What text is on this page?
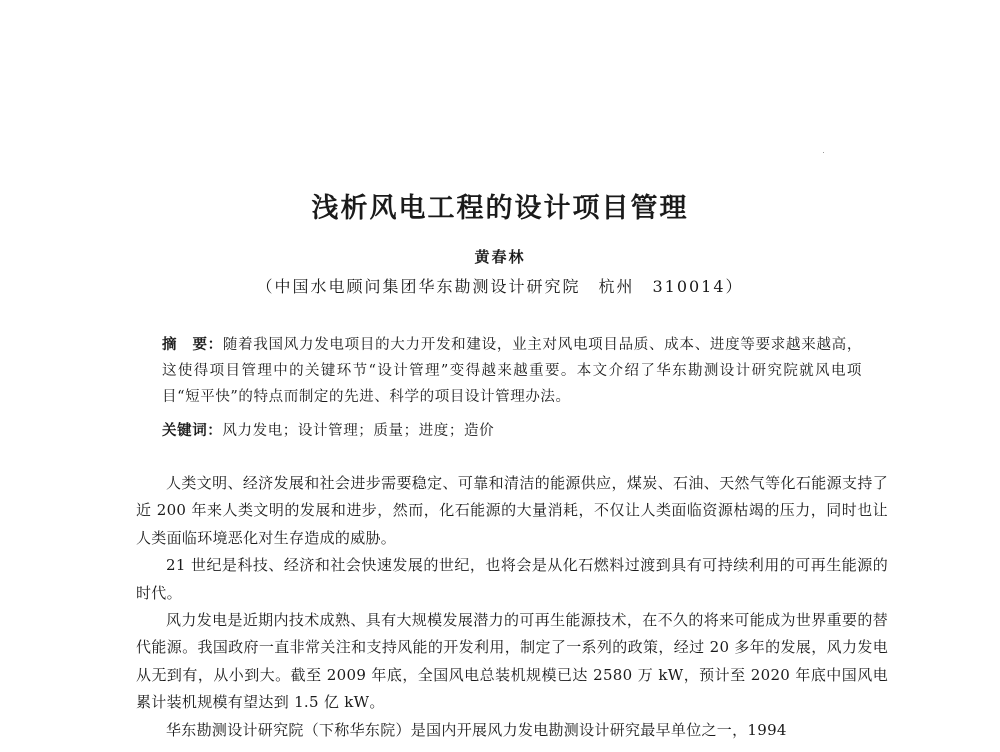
浅析风电工程的设计项目管理
黄春林
（中国水电顾问集团华东勘测设计研究院　杭州　310014）

摘　要：随着我国风力发电项目的大力开发和建设，业主对风电项目品质、成本、进度等要求越来越高，这使得项目管理中的关键环节“设计管理”变得越来越重要。本文介绍了华东勘测设计研究院就风电项目“短平快”的特点而制定的先进、科学的项目设计管理办法。

关键词：风力发电；设计管理；质量；进度；造价

人类文明、经济发展和社会进步需要稳定、可靠和清洁的能源供应，煤炭、石油、天然气等化石能源支持了近 200 年来人类文明的发展和进步，然而，化石能源的大量消耗，不仅让人类面临资源枯竭的压力，同时也让人类面临环境恶化对生存造成的威胁。

21 世纪是科技、经济和社会快速发展的世纪，也将会是从化石燃料过渡到具有可持续利用的可再生能源的时代。

风力发电是近期内技术成熟、具有大规模发展潜力的可再生能源技术，在不久的将来可能成为世界重要的替代能源。我国政府一直非常关注和支持风能的开发利用，制定了一系列的政策，经过 20 多年的发展，风力发电从无到有，从小到大。截至 2009 年底，全国风电总装机规模已达 2580 万 kW，预计至 2020 年底中国风电累计装机规模有望达到 1.5 亿 kW。

华东勘测设计研究院（下称华东院）是国内开展风力发电勘测设计研究最早单位之一，1994
